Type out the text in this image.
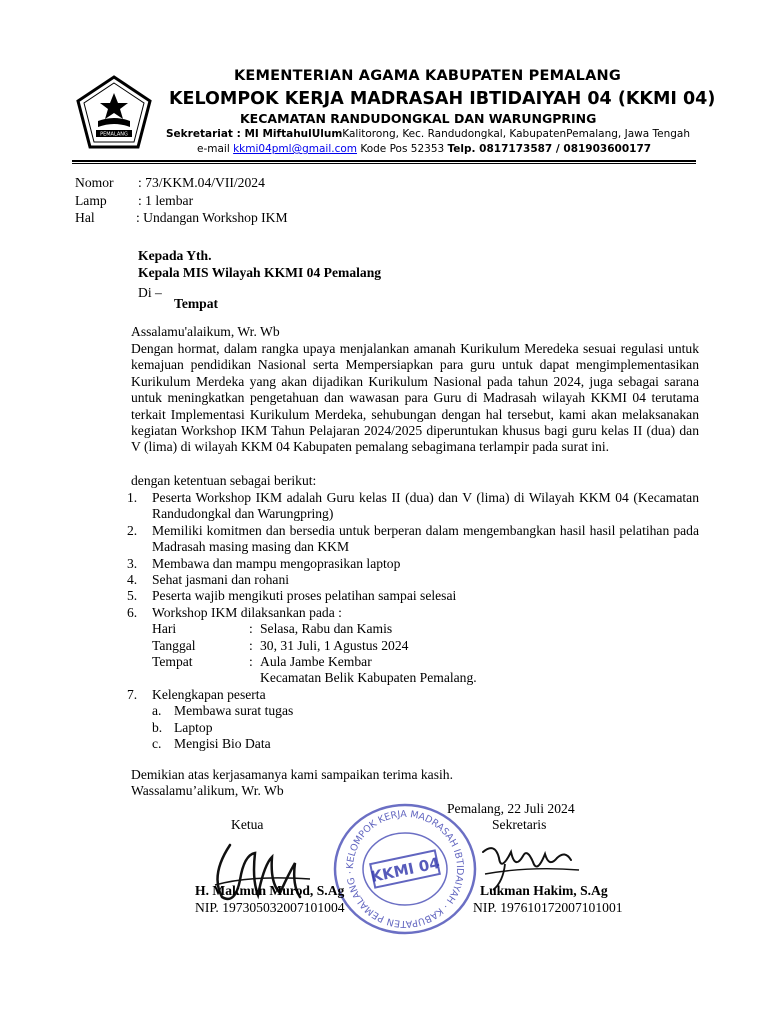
PEMALANG
KEMENTERIAN AGAMA KABUPATEN PEMALANG
KELOMPOK KERJA MADRASAH IBTIDAIYAH 04 (KKMI 04)
KECAMATAN RANDUDONGKAL DAN WARUNGPRING
Sekretariat : MI MiftahulUlumKalitorong, Kec. Randudongkal, KabupatenPemalang, Jawa Tengah
e-mail kkmi04pml@gmail.com Kode Pos 52353 Telp. 0817173587 / 081903600177
Nomor : 73/KKM.04/VII/2024
Lamp : 1 lembar
Hal	: Undangan Workshop IKM
Kepada Yth.
Kepala MIS Wilayah KKMI 04 Pemalang
Di –
Tempat
Assalamu'alaikum, Wr. Wb
Dengan hormat, dalam rangka upaya menjalankan amanah Kurikulum Meredeka sesuai regulasi untuk kemajuan pendidikan Nasional serta Mempersiapkan para guru untuk dapat mengimplementasikan Kurikulum Merdeka yang akan dijadikan Kurikulum Nasional pada tahun 2024, juga sebagai sarana untuk meningkatkan pengetahuan dan wawasan para Guru di Madrasah wilayah KKMI 04 terutama terkait Implementasi Kurikulum Merdeka, sehubungan dengan hal tersebut, kami akan melaksanakan kegiatan Workshop IKM Tahun Pelajaran 2024/2025 diperuntukan khusus bagi guru kelas II (dua) dan V (lima) di wilayah KKM 04 Kabupaten pemalang sebagimana terlampir pada surat ini.
dengan ketentuan sebagai berikut:
1.	Peserta Workshop IKM adalah Guru kelas II (dua) dan V (lima) di Wilayah KKM 04 (Kecamatan Randudongkal dan Warungpring)
2.	Memiliki komitmen dan bersedia untuk berperan dalam mengembangkan hasil hasil pelatihan pada Madrasah masing masing dan KKM
3.	Membawa dan mampu mengoprasikan laptop
4.	Sehat jasmani dan rohani
5.	Peserta wajib mengikuti proses pelatihan sampai selesai
6.	Workshop IKM dilaksankan pada :
Hari	: Selasa, Rabu dan Kamis
Tanggal	: 30, 31 Juli, 1 Agustus 2024
Tempat	: Aula Jambe Kembar
Kecamatan Belik Kabupaten Pemalang.
7.	Kelengkapan peserta
a. Membawa surat tugas
b. Laptop
c. Mengisi Bio Data
Demikian atas kerjasamanya kami sampaikan terima kasih.
Wassalamu’alikum, Wr. Wb
Pemalang, 22 Juli 2024
Ketua	Sekretaris
KELOMPOK KERJA MADRASAH IBTIDAIYAH · KABUPATEN PEMALANG · KKMI 04
H. Makmun Murod, S.Ag	Lukman Hakim, S.Ag
NIP. 197305032007101004	NIP. 197610172007101001
